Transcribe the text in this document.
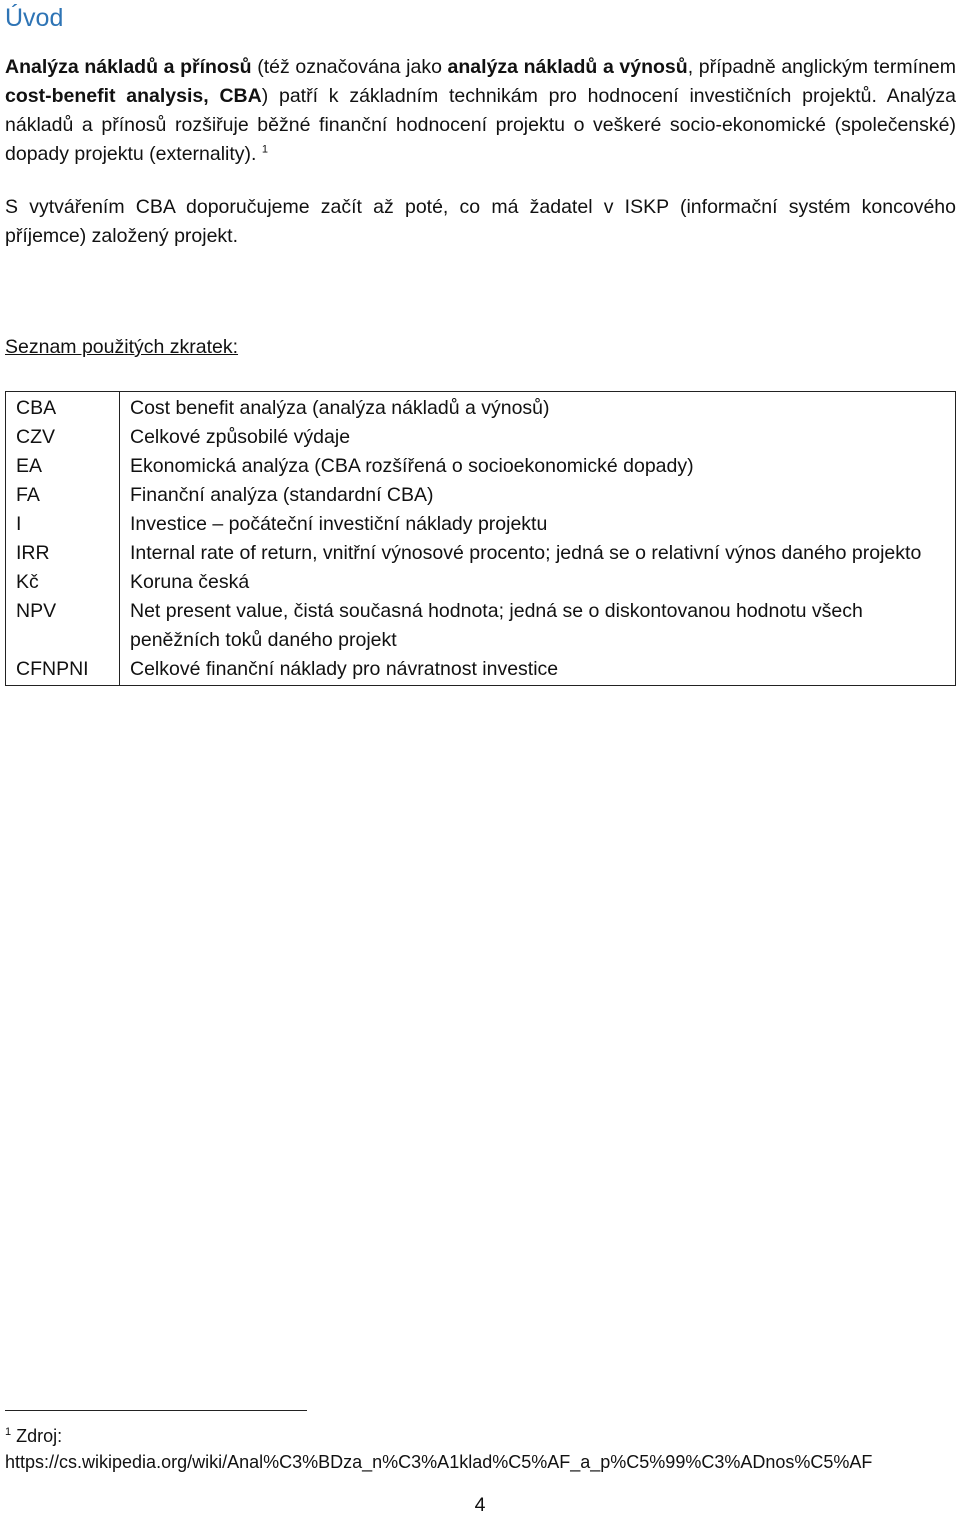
Úvod

Analýza nákladů a přínosů (též označována jako analýza nákladů a výnosů, případně anglickým termínem cost-benefit analysis, CBA) patří k základním technikám pro hodnocení investičních projektů. Analýza nákladů a přínosů rozšiřuje běžné finanční hodnocení projektu o veškeré socio-ekonomické (společenské) dopady projektu (externality). $^1$

S vytvářením CBA doporučujeme začít až poté, co má žadatel v ISKP (informační systém koncového příjemce) založený projekt.

Seznam použitých zkratek:
CBA	Cost benefit analýza (analýza nákladů a výnosů)
CZV	Celkové způsobilé výdaje
EA	Ekonomická analýza (CBA rozšířená o socioekonomické dopady)
FA	Finanční analýza (standardní CBA)
I	Investice – počáteční investiční náklady projektu
IRR	Internal rate of return, vnitřní výnosové procento; jedná se o relativní výnos daného projekto
Kč	Koruna česká
NPV	Net present value, čistá současná hodnota; jedná se o diskontovanou hodnotu všech peněžních toků daného projekt
CFNPNI	Celkové finanční náklady pro návratnost investice
$^1$ Zdroj:
https://cs.wikipedia.org/wiki/Anal%C3%BDza_n%C3%A1klad%C5%AF_a_p%C5%99%C3%ADnos%C5%AF
4
